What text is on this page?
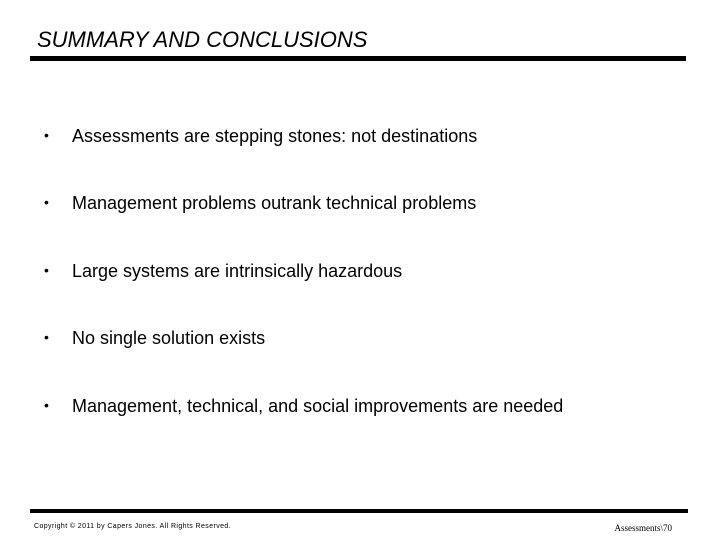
SUMMARY AND CONCLUSIONS
• Assessments are stepping stones: not destinations
• Management problems outrank technical problems
• Large systems are intrinsically hazardous
• No single solution exists
• Management, technical, and social improvements are needed
Copyright © 2011 by Capers Jones. All Rights Reserved.	Assessments\70
